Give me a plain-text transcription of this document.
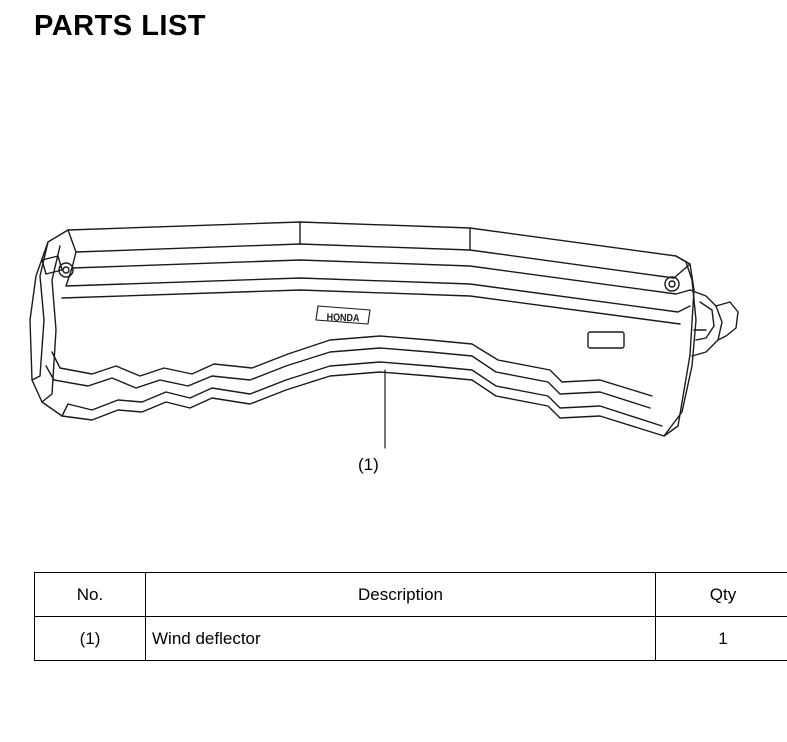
PARTS LIST
HONDA
(1)
No.	Description	Qty
(1)	Wind deflector	1
